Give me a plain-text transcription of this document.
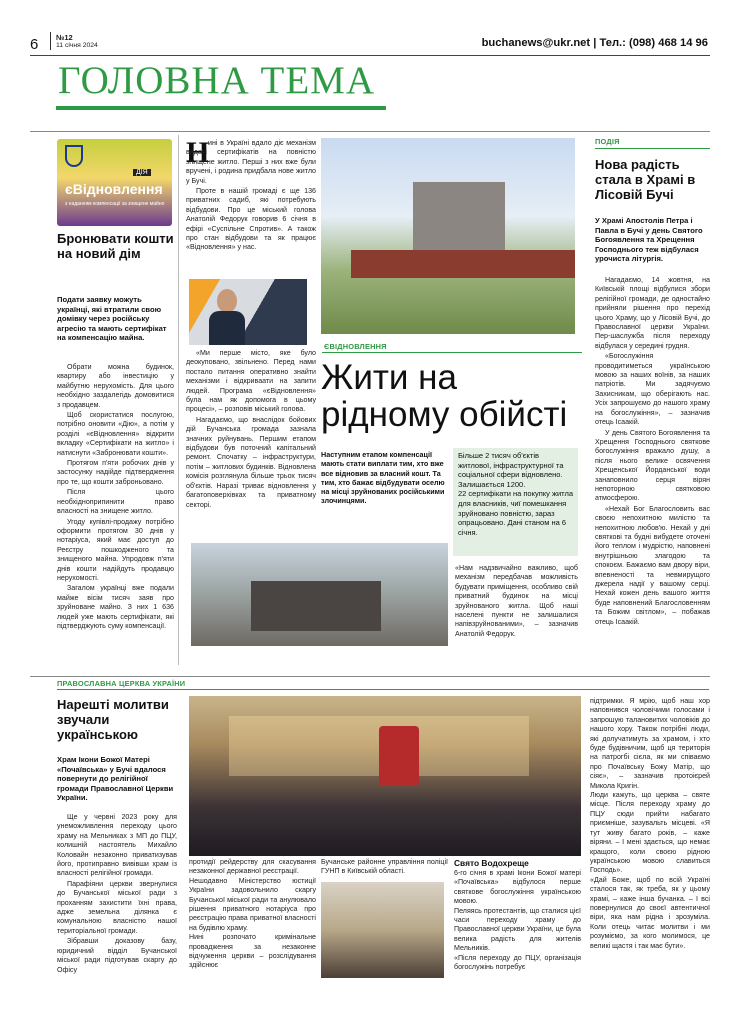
6 №12
11 січня 2024	buchanews@ukr.net | Тел.: (098) 468 14 96
ГОЛОВНА ТЕМА
ДІЯ
єВідновлення
з наданням компенсації за знищене майно
Бронювати кошти на новий дім
Подати заявку можуть українці, які втратили свою домівку через російську агресію та мають сертифікат на компенсацію майна.

Обрати можна будинок, квартиру або інвестицію у майбутню нерухомість. Для цього необхідно заздалегідь домовитися з продавцем.

Щоб скористатися послугою, потрібно оновити «Дію», а потім у розділі «єВідновлення» відкрити вкладку «Сертифікати на житло» і натиснути «Забронювати кошти».

Протягом п'яти робочих днів у застосунку надійде підтвердження про те, що кошти заброньовано.

Після цього необхідноприпинити право власності на знищене житло.

Угоду купівлі-продажу потрібно оформити протягом 30 днів у нотаріуса, який має доступ до Реєстру пошкодженого та знищеного майна. Упродовж п'яти днів кошти надійдуть продавцю нерухомості.

Загалом українці вже подали майже вісім тисяч заяв про зруйноване майно. З них 1 636 людей уже мають сертифікати, які підтверджують суму компенсації.

Н

ині в Україні вдало діє механізм видачі сертифікатів на повністю знищене житло. Перші з них вже були вручені, і родина придбала нове житло у Бучі.

Проте в нашій громаді є ще 136 приватних садиб, які потребують відбудови. Про це міський голова Анатолій Федорук говорив 6 січня в ефірі «Суспільне Спротив». А також про стан відбудови та як працює «Відновлення» у нас.

«Ми перше місто, яке було деокуповано, звільнено. Перед нами постало питання оперативно знайти механізми і відкриваати на запити людей. Програма «єВідновлення» була нам як допомога в цьому процесі», – розповів міський голова.

Нагадаємо, що внаслідок бойових дій Бучанська громада зазнала значних руйнувань. Першим етапом відбудови був поточний капітальний ремонт. Спочатку – інфраструктури, потім – житлових будинків. Відновлена комісія розглянула більше трьох тисяч об'єктів. Наразі триває відновлення у багатоповерхівках та приватному секторі.

ЄВІДНОВЛЕННЯ
Жити на рідному обійсті
Наступним етапом компенсації мають стати виплати тим, хто вже все відновив за власний кошт. Та тим, хто бажає відбудувати оселю на місці зруйнованих російськими злочинцями.

Більше 2 тисяч об'єктів житлової, інфраструктурної та соціальної сфери відновлено. Залишається 1200.

22 сертифікати на покупку житла для власників, чиї помешкання зруйновано повністю, зараз опрацьовано. Дані станом на 6 січня.

«Нам надзвичайно важливо, щоб механізм передбачав можливість будувати приміщення, особливо свій приватний будинок на місці зруйнованого житла. Щоб наші населені пункти не залишалися напівзруйнованими», – зазначив Анатолій Федорук.
ПОДІЯ
Нова радість стала в Храмі в Лісовій Бучі
У Храмі Апостолів Петра і Павла в Бучі у день Святого Богоявлення та Хрещення Господнього теж відбулася урочиста літургія.

Нагадаємо, 14 жовтня, на Київській площі відбулися збори релігійної громади, де одностайно прийняли рішення про перехід цього Храму, що у Лісовій Бучі, до Православної церкви України. Пер-шаслужба після переходу відбулася у середині грудня.

«Богослужіння проводитиметься українською мовою за наших воїнів, за наших патріотів. Ми задячуємо Захисникам, що оберігають нас. Усіх запрошуємо до нашого храму на богослужіння», – зазначив отець Ісаакій.

У день Святого Богоявлення та Хрещення Господнього святкове богослужіння вражало душу, а після нього велике освячення Хрещенської Йорданської води занаповнило серця вірян непоторною святковою атмосферою.

«Нехай Бог Благословить вас своєю непохитною милістю та непохитною любов'ю. Нехай у дні святкові та будні вибудете оточені його теплом і мудрістю, наповнені внутрішньою злагодою та спокоєм. Бажаємо вам двору віри, впевненості та невмирущого джерела надії у вашому серці. Нехай кожен день вашого життя буде наповнений Благословенням та Божим світлом», – побажав отець Ісаакій.

ПРАВОСЛАВНА ЦЕРКВА УКРАЇНИ
Нарешті молитви звучали українською
Храм Ікони Божої Матері «Почаївська» у Бучі вдалося повернути до релігійної громади Православної Церкви України.

Ще у червні 2023 року для унеможливлення переходу цього храму на Мельниках з МП до ПЦУ, колишній настоятель Михайло Коловайн незаконно приватизував його, протиправно вивівши храм із власності релігійної громади.

Парафіяни церкви звернулися до Бучанської міської ради з проханням захистити їхні права, адже земельна ділянка є комунальною власністю нашої територіальної громади.

Зібравши доказову базу, юридичний відділ Бучанської міської ради підготував скаргу до Офісу

протидії рейдерству для скасування незаконної державної реєстрації.
Нешодавно Міністерство юстиції України задовольнило скаргу Бучанської міської ради та анулювало рішення приватного нотаріуса про реєстрацію права приватної власності на будівлю храму.
Нині розпочато кримінальне провадження за незаконне відчуження церкви – розслідування здійснює
Бучанське районне управління поліції ГУНП в Київській області.
Свято Водохреще
6-го січня в храмі Ікони Божої матері «Почаївська» відбулося перше святкове богослужіння українською мовою.
Пеляясь протестантів, що сталися цієї часи переходу храму до Православної церкви України, це була велика радість для жителів Мельників.
«Після переходу до ПЦУ, організація богослужінь потребує
підтримки. Я мрію, щоб наш хор наповнився чоловічими голосами і запрошую талановитих чоловіків до нашого хору. Також потрібні люди, які долучатимуть за храмом, і хто буде будівничим, щоб ця територія на патрогбі сієла, як ми співаємо про Почаївську Божу Матір, що сіяє», – зазначив протоієрей Микола Кригін.
Люди кажуть, що церква – святе місце. Після переходу храму до ПЦУ сюди прийти набагато приємніше, зазувальть місцеві. «Я тут живу багато років, – каже віряни. – І мені здається, що немає кращого, коли своєю рідною українською мовою славиться Господь».
«Дай Боже, щоб по всій Україні сталося так, як треба, як у цьому храмі, – каже інша бучанка. – І всі повернулися до своєї автентичної віри, яка нам рідна і зрозуміла. Коли отець читає молитви і ми розуміємо, за кого молимося, це великі щастя і так має бути».
